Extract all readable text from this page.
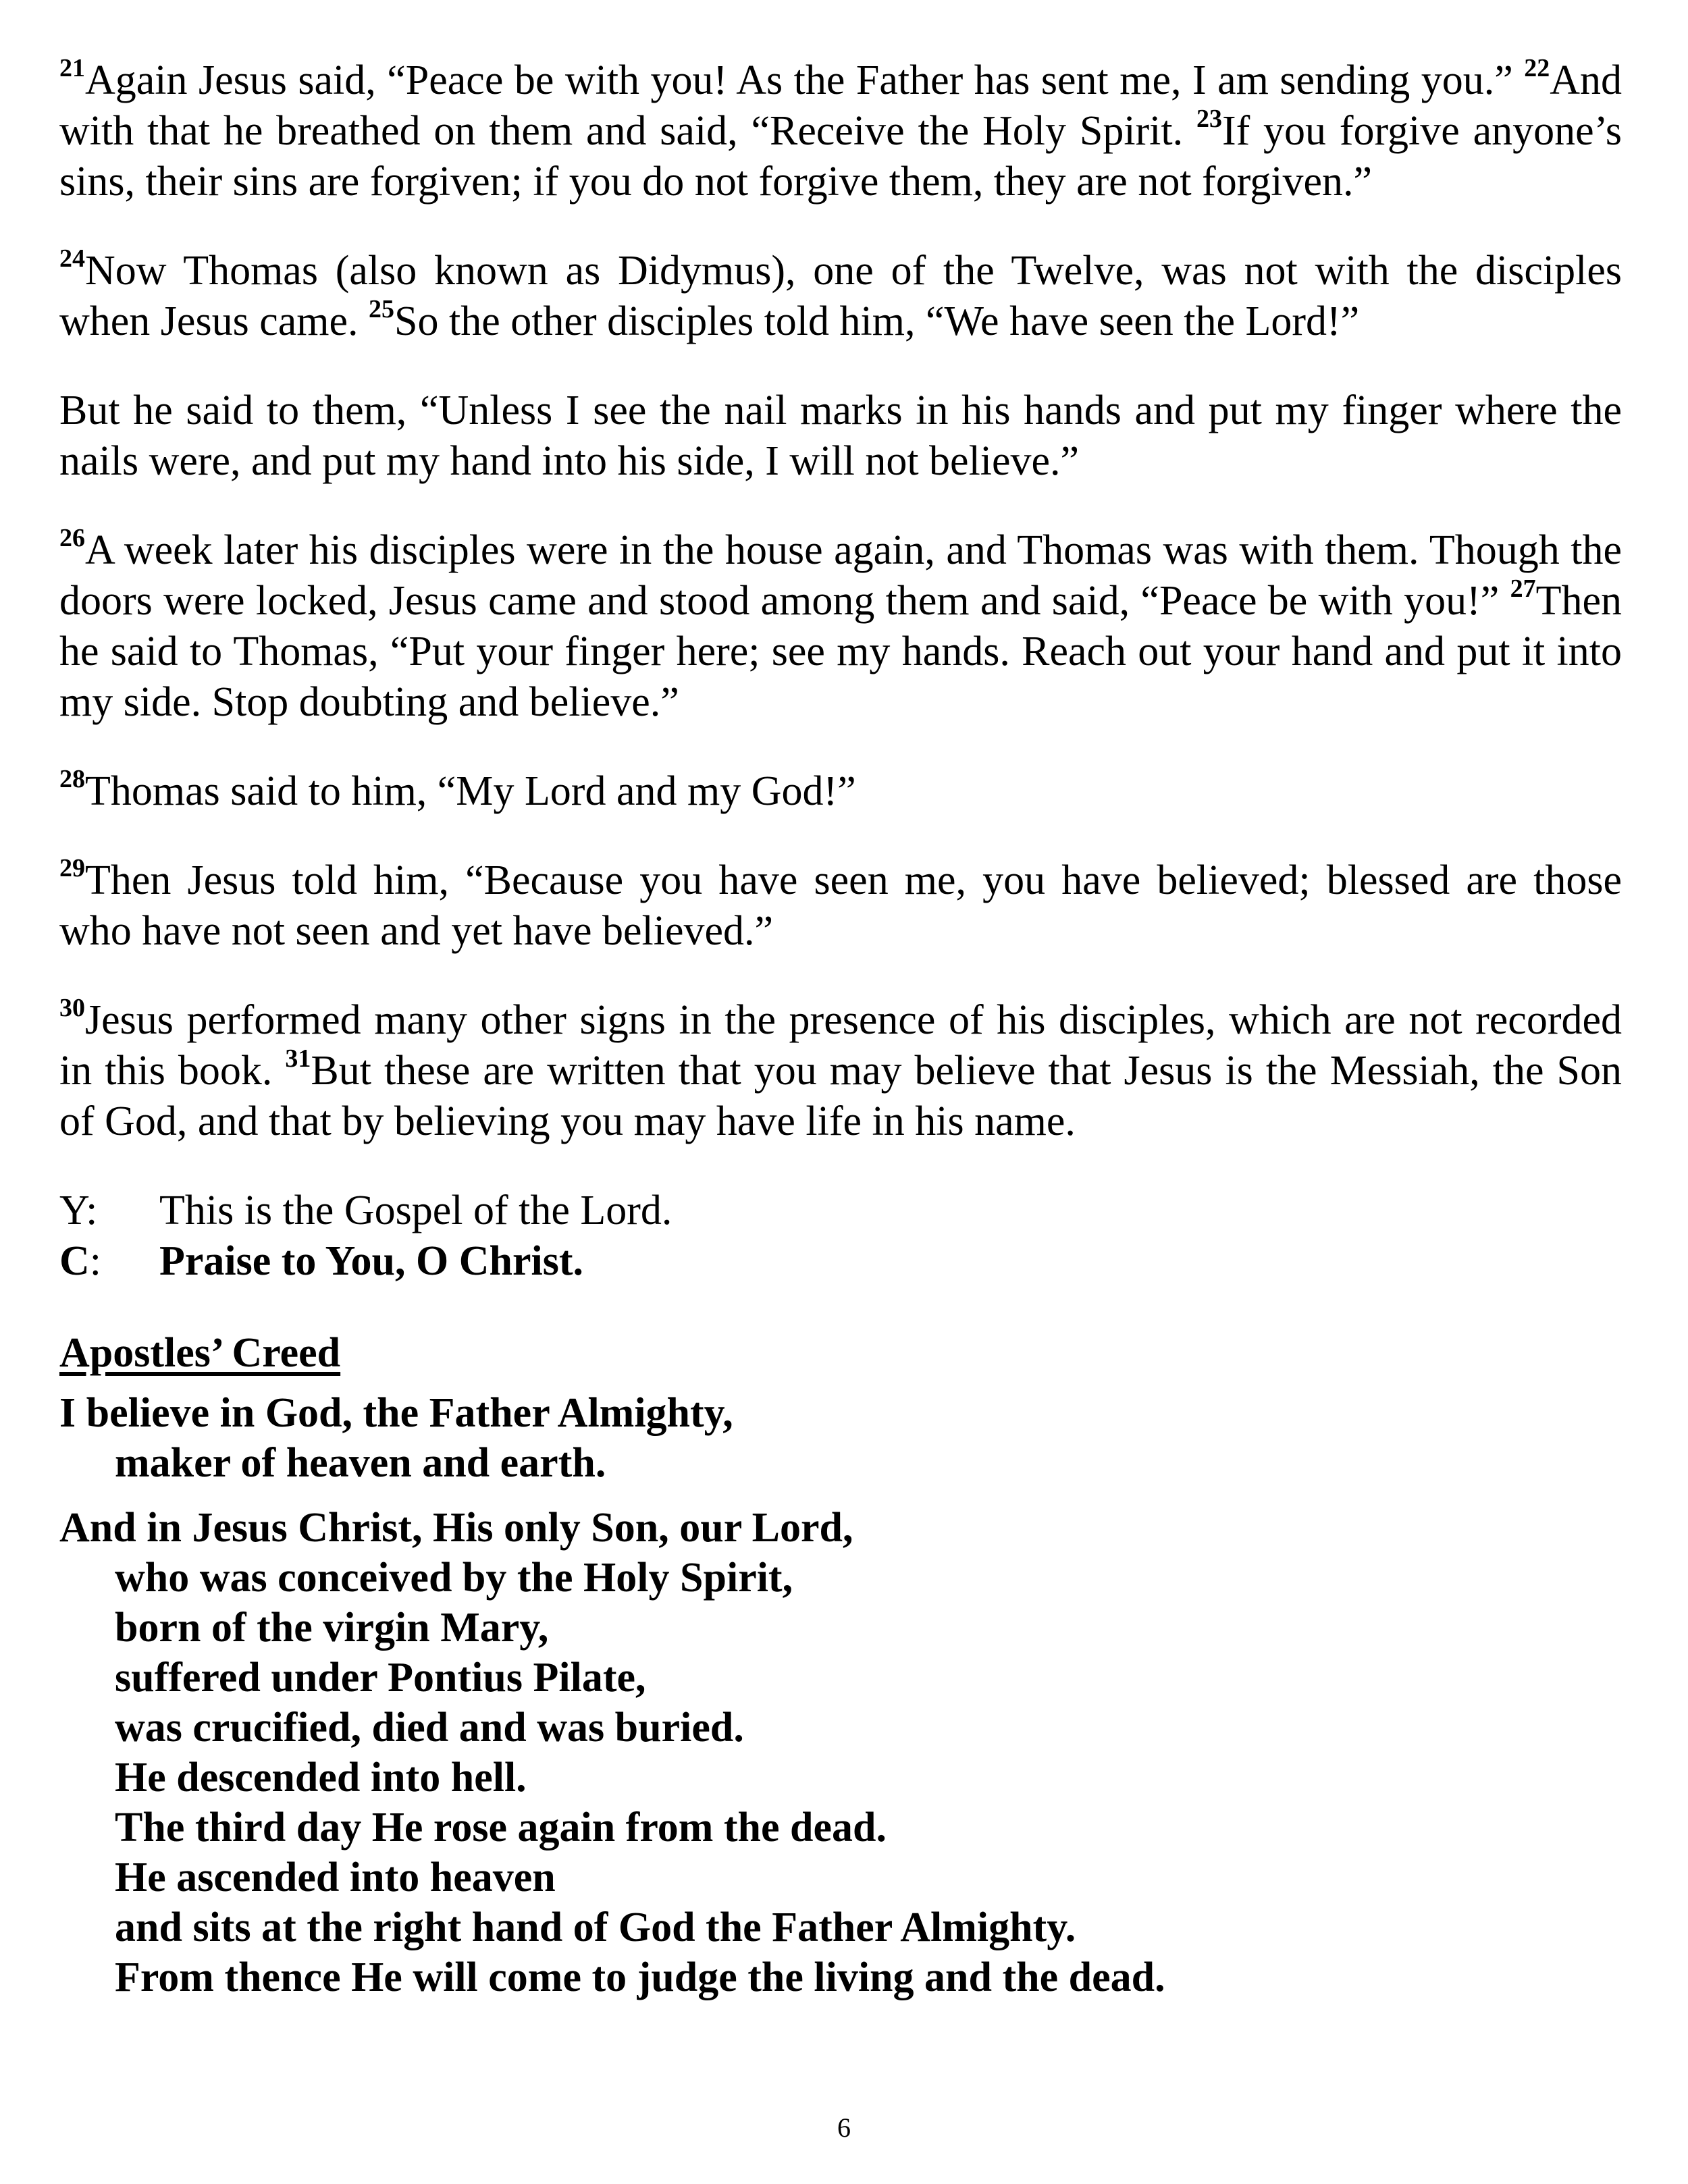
$^{21}$Again Jesus said, “Peace be with you! As the Father has sent me, I am sending you.” $^{22}$And with that he breathed on them and said, “Receive the Holy Spirit. $^{23}$If you forgive anyone’s sins, their sins are forgiven; if you do not forgive them, they are not forgiven.”

$^{24}$Now Thomas (also known as Didymus), one of the Twelve, was not with the disciples when Jesus came. $^{25}$So the other disciples told him, “We have seen the Lord!”

But he said to them, “Unless I see the nail marks in his hands and put my finger where the nails were, and put my hand into his side, I will not believe.”

$^{26}$A week later his disciples were in the house again, and Thomas was with them. Though the doors were locked, Jesus came and stood among them and said, “Peace be with you!” $^{27}$Then he said to Thomas, “Put your finger here; see my hands. Reach out your hand and put it into my side. Stop doubting and believe.”

$^{28}$Thomas said to him, “My Lord and my God!”

$^{29}$Then Jesus told him, “Because you have seen me, you have believed; blessed are those who have not seen and yet have believed.”

$^{30}$Jesus performed many other signs in the presence of his disciples, which are not recorded in this book. $^{31}$But these are written that you may believe that Jesus is the Messiah, the Son of God, and that by believing you may have life in his name.

Y:	This is the Gospel of the Lord.
C:	Praise to You, O Christ.
Apostles’ Creed
I believe in God, the Father Almighty,
maker of heaven and earth.
And in Jesus Christ, His only Son, our Lord,
who was conceived by the Holy Spirit,
born of the virgin Mary,
suffered under Pontius Pilate,
was crucified, died and was buried.
He descended into hell.
The third day He rose again from the dead.
He ascended into heaven
and sits at the right hand of God the Father Almighty.
From thence He will come to judge the living and the dead.
6
